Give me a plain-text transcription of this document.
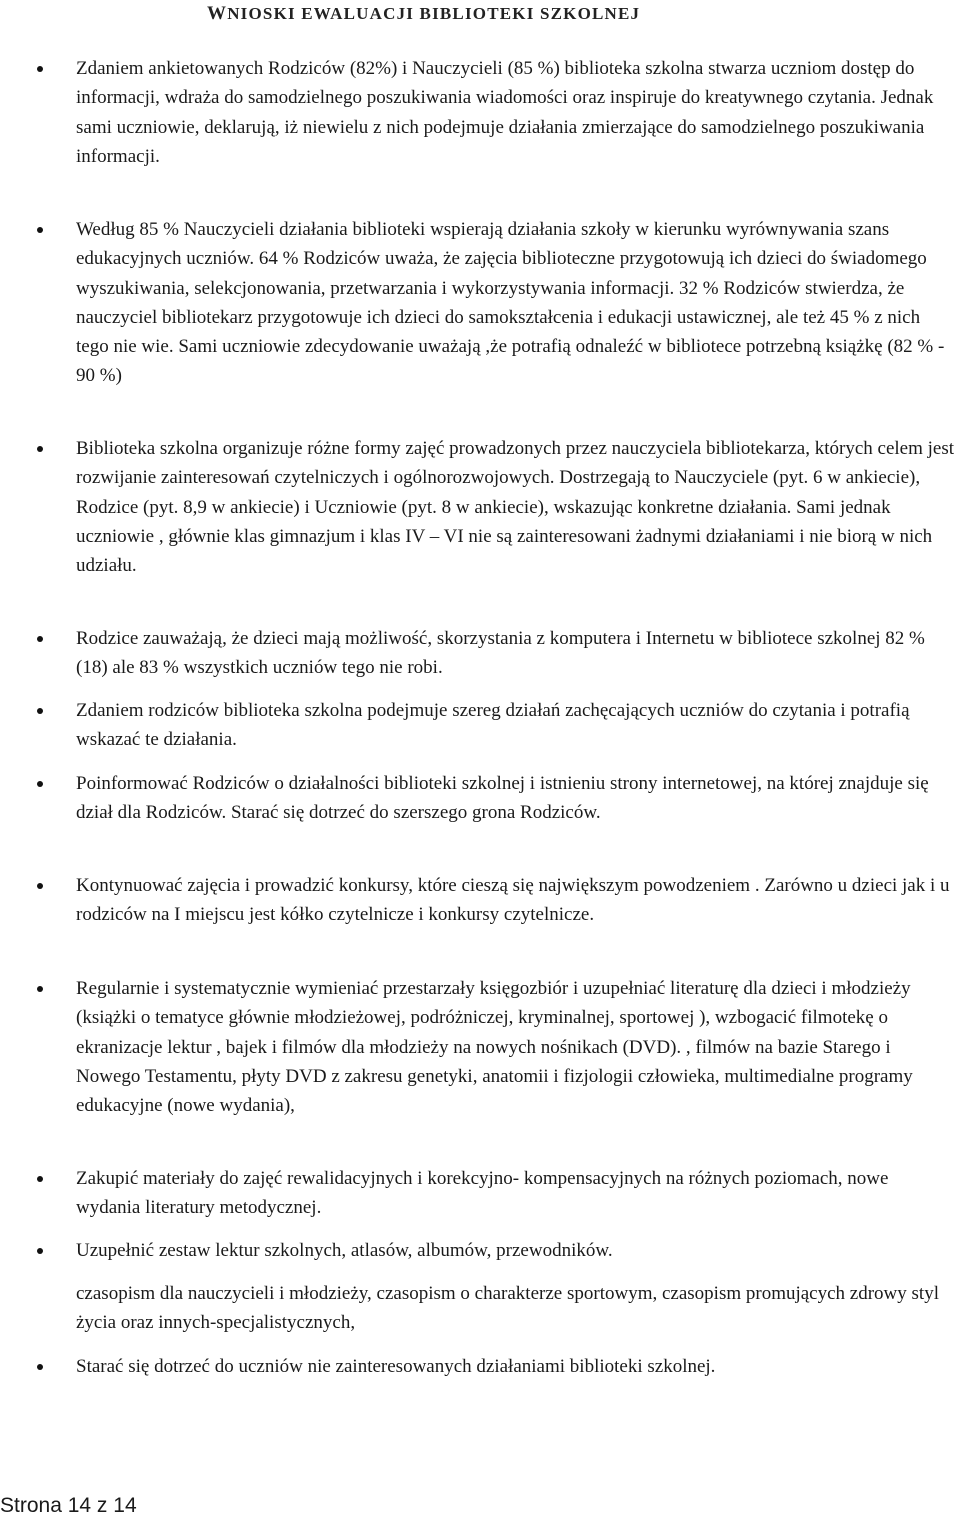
WNIOSKI EWALUACJI BIBLIOTEKI SZKOLNEJ
Zdaniem ankietowanych Rodziców (82%) i Nauczycieli (85 %) biblioteka szkolna stwarza uczniom dostęp do informacji, wdraża do samodzielnego poszukiwania wiadomości oraz inspiruje do kreatywnego czytania. Jednak sami uczniowie, deklarują, iż niewielu z nich podejmuje działania zmierzające do samodzielnego poszukiwania informacji.
Według 85 % Nauczycieli działania biblioteki wspierają działania szkoły w kierunku wyrównywania szans edukacyjnych uczniów. 64 % Rodziców uważa, że zajęcia biblioteczne przygotowują ich dzieci do świadomego wyszukiwania, selekcjonowania, przetwarzania i wykorzystywania informacji. 32 % Rodziców stwierdza, że nauczyciel bibliotekarz przygotowuje ich dzieci do samokształcenia i edukacji ustawicznej, ale też 45 % z nich tego nie wie. Sami uczniowie zdecydowanie uważają ,że potrafią odnaleźć w bibliotece potrzebną książkę (82 % - 90 %)
Biblioteka szkolna organizuje różne formy zajęć prowadzonych przez nauczyciela bibliotekarza, których celem jest rozwijanie zainteresowań czytelniczych i ogólnorozwojowych. Dostrzegają to Nauczyciele (pyt. 6 w ankiecie), Rodzice (pyt. 8,9 w ankiecie) i Uczniowie (pyt. 8 w ankiecie), wskazując konkretne działania. Sami jednak uczniowie , głównie klas gimnazjum i klas IV – VI nie są zainteresowani żadnymi działaniami i nie biorą w nich udziału.
Rodzice zauważają, że dzieci mają możliwość, skorzystania z komputera i Internetu w bibliotece szkolnej 82 % (18) ale 83 % wszystkich uczniów tego nie robi.
Zdaniem rodziców biblioteka szkolna podejmuje szereg działań zachęcających uczniów do czytania i potrafią wskazać te działania.
Poinformować Rodziców o działalności biblioteki szkolnej i istnieniu strony internetowej, na której znajduje się dział dla Rodziców. Starać się dotrzeć do szerszego grona Rodziców.
Kontynuować zajęcia i prowadzić konkursy, które cieszą się największym powodzeniem . Zarówno u dzieci jak i u rodziców na I miejscu jest kółko czytelnicze i konkursy czytelnicze.
Regularnie i systematycznie wymieniać przestarzały księgozbiór i uzupełniać literaturę dla dzieci i młodzieży (książki o tematyce głównie młodzieżowej, podróżniczej, kryminalnej, sportowej ), wzbogacić filmotekę o ekranizacje lektur , bajek i filmów dla młodzieży na nowych nośnikach (DVD). , filmów na bazie Starego i Nowego Testamentu, płyty DVD z zakresu genetyki, anatomii i fizjologii człowieka, multimedialne programy edukacyjne (nowe wydania),
Zakupić materiały do zajęć rewalidacyjnych i korekcyjno- kompensacyjnych na różnych poziomach, nowe wydania literatury metodycznej.
Uzupełnić zestaw lektur szkolnych, atlasów, albumów, przewodników.

czasopism dla nauczycieli i młodzieży, czasopism o charakterze sportowym, czasopism promujących zdrowy styl życia oraz innych-specjalistycznych,

Starać się dotrzeć do uczniów nie zainteresowanych działaniami biblioteki szkolnej.
Strona 14 z 14
